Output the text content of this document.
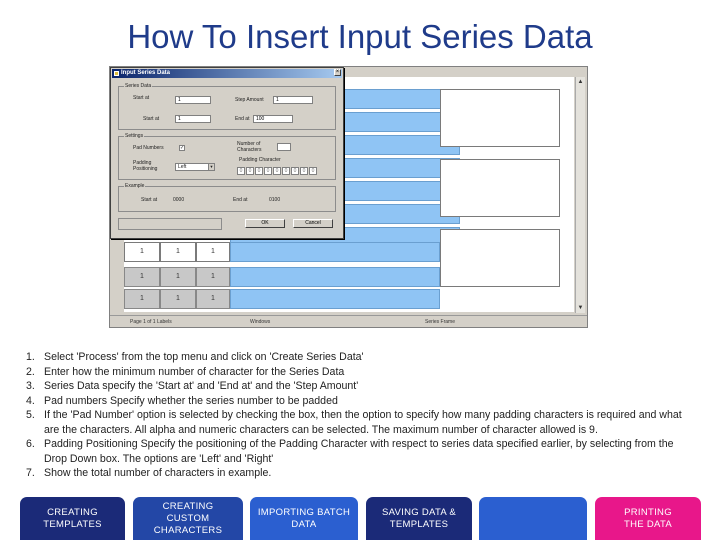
How To Insert Input Series Data
1	1	1
1	1	1
1	1	1
▲
▼
Page 1 of 1 Labels	Windows	Series Frame
Input Series Data	×
Series Data
Start at	1	Step Amount	1
Start at	1	End at	100
Settings
Pad Numbers	✓
Number of Characters
Padding Character
Padding Positioning	Left	▼
0	0	0	0	0	0	0	0	0
Example
Start at	0000	End at	0100
OK	Cancel
1. Select 'Process' from the top menu and click on 'Create Series Data'
2. Enter how the minimum number of character for the Series Data
3. Series Data specify the 'Start at' and 'End at' and the 'Step Amount'
4. Pad numbers Specify whether the series number to be padded
5. If the 'Pad Number' option is selected by checking the box, then the option to specify how many padding characters is required and what are the characters. All alpha and numeric characters can be selected. The maximum number of character allowed is 9.
6. Padding Positioning Specify the positioning of the Padding Character with respect to series data specified earlier, by selecting from the Drop Down box. The options are 'Left' and 'Right'
7. Show the total number of characters in example.
CREATING TEMPLATES
CREATING CUSTOM CHARACTERS
IMPORTING BATCH DATA
SAVING DATA & TEMPLATES
PRINTING THE DATA
